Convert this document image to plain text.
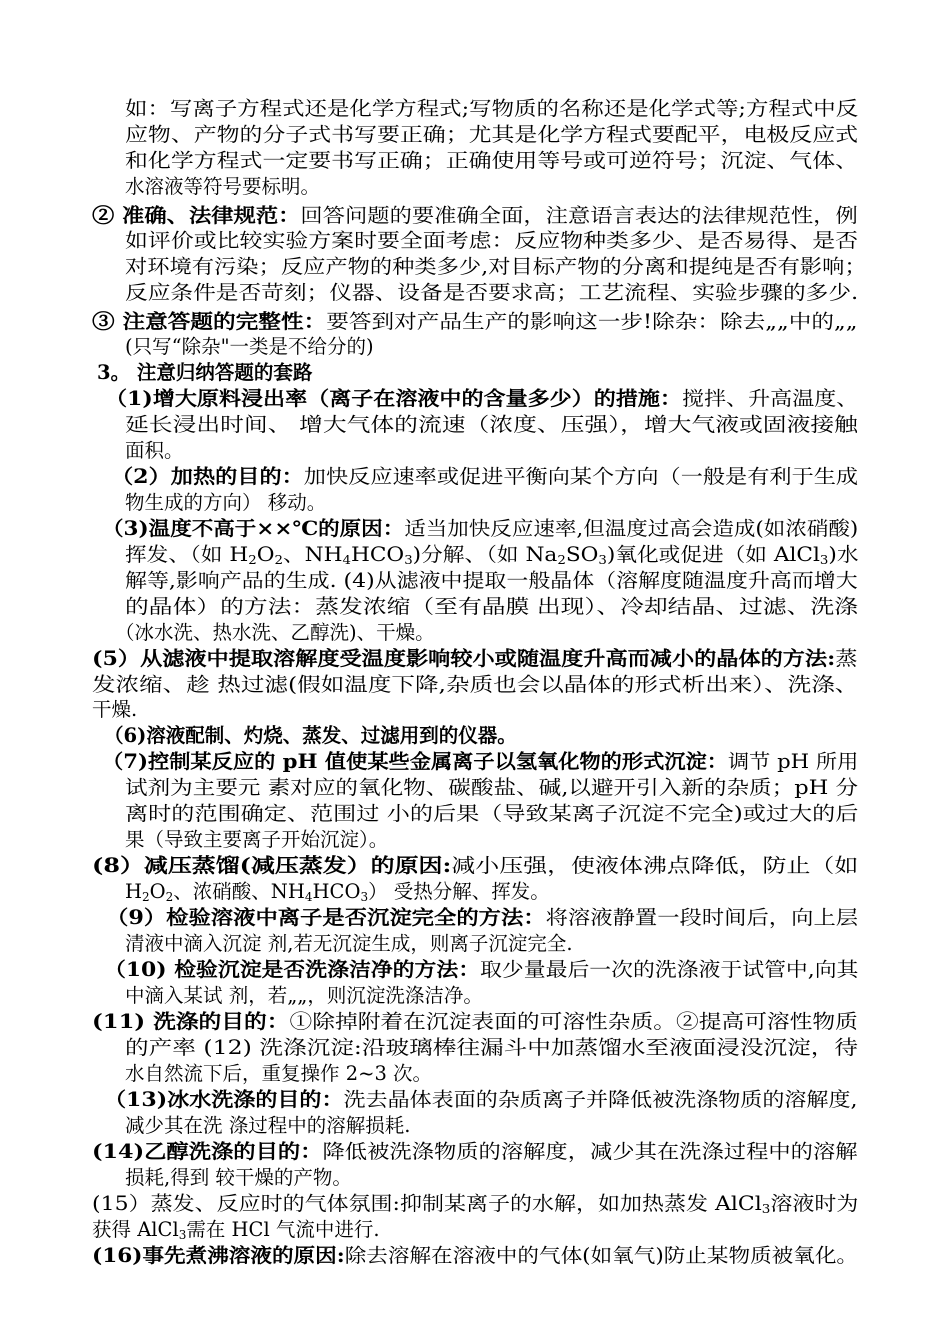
如：写离子方程式还是化学方程式;写物质的名称还是化学式等;方程式中反
应物、产物的分子式书写要正确；尤其是化学方程式要配平，电极反应式
和化学方程式一定要书写正确；正确使用等号或可逆符号；沉淀、气体、
水溶液等符号要标明。
② 准确、法律规范：回答问题的要准确全面，注意语言表达的法律规范性，例
如评价或比较实验方案时要全面考虑：反应物种类多少、是否易得、是否
对环境有污染；反应产物的种类多少,对目标产物的分离和提纯是否有影响；
反应条件是否苛刻；仪器、设备是否要求高；工艺流程、实验步骤的多少.
③ 注意答题的完整性：要答到对产品生产的影响这一步!除杂：除去„„中的„„
(只写“除杂"一类是不给分的)
3。 注意归纳答题的套路
（1)增大原料浸出率（离子在溶液中的含量多少）的措施：搅拌、升高温度、
延长浸出时间、 增大气体的流速（浓度、压强），增大气液或固液接触
面积。
（2）加热的目的：加快反应速率或促进平衡向某个方向（一般是有利于生成
物生成的方向） 移动。
（3)温度不高于××℃的原因：适当加快反应速率,但温度过高会造成(如浓硝酸)
挥发、（如 $H_2O_2$、$NH_4HCO_3$)分解、（如 $Na_2SO_3$)氧化或促进（如 AlCl$_3$)水
解等,影响产品的生成. (4)从滤液中提取一般晶体（溶解度随温度升高而增大
的晶体）的方法：蒸发浓缩（至有晶膜 出现）、冷却结晶、过滤、洗涤
（冰水洗、热水洗、乙醇洗)、干燥。
(5）从滤液中提取溶解度受温度影响较小或随温度升高而减小的晶体的方法:蒸
发浓缩、趁 热过滤(假如温度下降,杂质也会以晶体的形式析出来）、洗涤、
干燥.
（6)溶液配制、灼烧、蒸发、过滤用到的仪器。
（7)控制某反应的 pH 值使某些金属离子以氢氧化物的形式沉淀：调节 pH 所用
试剂为主要元 素对应的氧化物、碳酸盐、碱,以避开引入新的杂质；pH 分
离时的范围确定、范围过 小的后果（导致某离子沉淀不完全)或过大的后
果（导致主要离子开始沉淀）。
(8）减压蒸馏(减压蒸发）的原因:减小压强，使液体沸点降低，防止（如
$H_2O_2$、浓硝酸、$NH_4HCO_3$） 受热分解、挥发。
（9）检验溶液中离子是否沉淀完全的方法：将溶液静置一段时间后，向上层
清液中滴入沉淀 剂,若无沉淀生成，则离子沉淀完全.
（10) 检验沉淀是否洗涤洁净的方法：取少量最后一次的洗涤液于试管中,向其
中滴入某试 剂，若„„，则沉淀洗涤洁净。
(11) 洗涤的目的：①除掉附着在沉淀表面的可溶性杂质。②提高可溶性物质
的产率 (12) 洗涤沉淀:沿玻璃棒往漏斗中加蒸馏水至液面浸没沉淀，待
水自然流下后，重复操作 2~3 次。
（13)冰水洗涤的目的：洗去晶体表面的杂质离子并降低被洗涤物质的溶解度,
减少其在洗 涤过程中的溶解损耗.
(14)乙醇洗涤的目的：降低被洗涤物质的溶解度，减少其在洗涤过程中的溶解
损耗,得到 较干燥的产物。
(15）蒸发、反应时的气体氛围:抑制某离子的水解，如加热蒸发 AlCl$_3$溶液时为
获得 AlCl$_3$需在 HCl 气流中进行.
(16)事先煮沸溶液的原因:除去溶解在溶液中的气体(如氧气)防止某物质被氧化。
